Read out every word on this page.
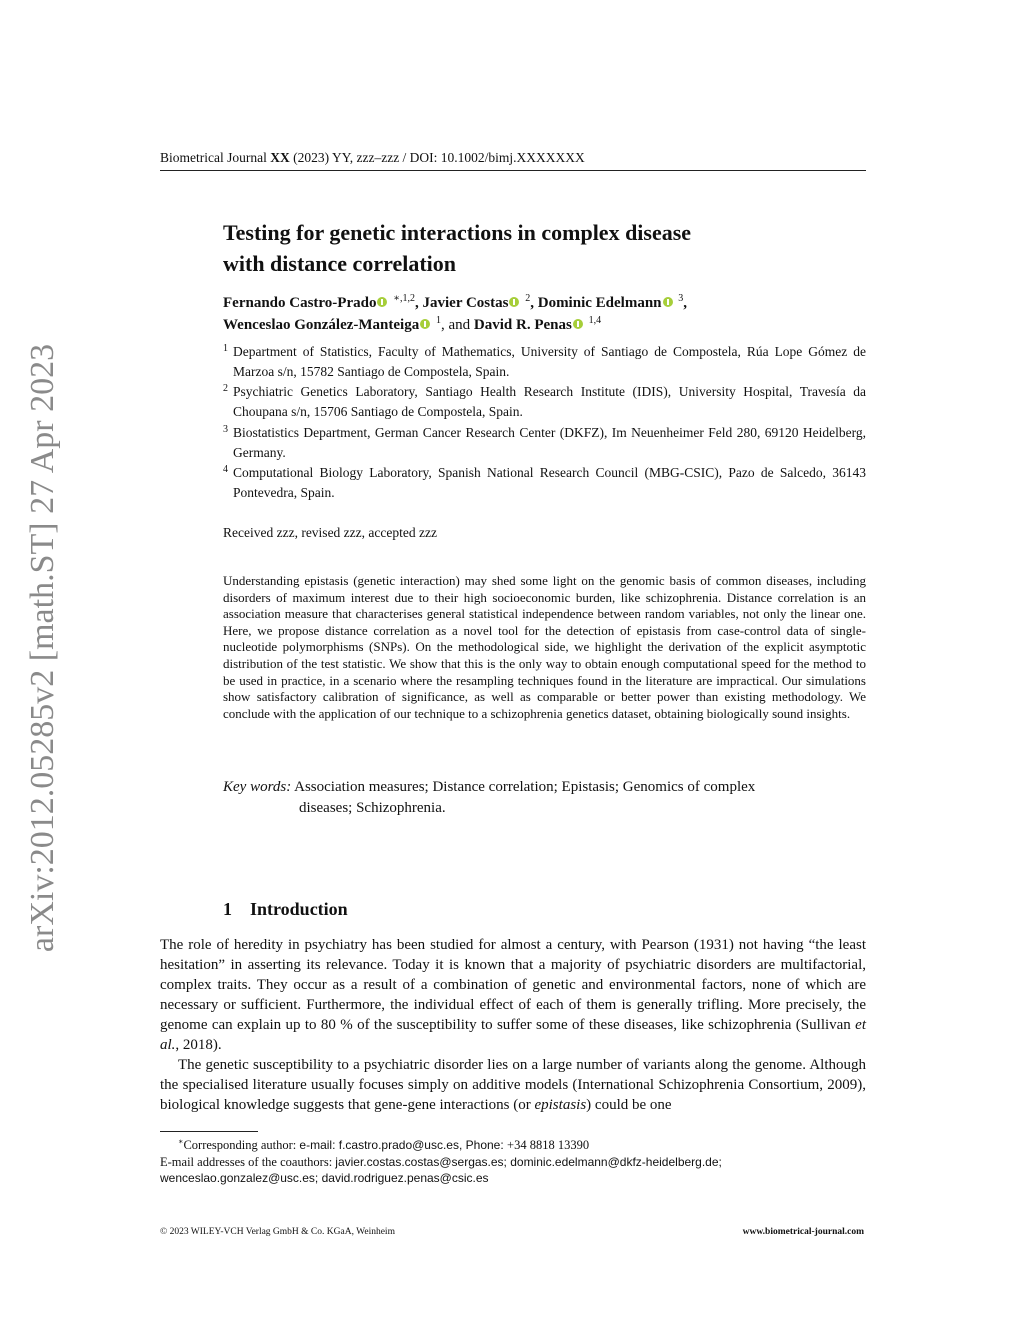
arXiv:2012.05285v2 [math.ST] 27 Apr 2023
Biometrical Journal XX (2023) YY, zzz–zzz / DOI: 10.1002/bimj.XXXXXXX
Testing for genetic interactions in complex disease
with distance correlation
Fernando Castro-Prado $^{∗,1,2}$, Javier Costas $^2$, Dominic Edelmann $^3$,
Wenceslao González-Manteiga $^1$, and David R. Penas $^{1,4}$
1 Department of Statistics, Faculty of Mathematics, University of Santiago de Compostela, Rúa Lope Gómez de Marzoa s/n, 15782 Santiago de Compostela, Spain.
2 Psychiatric Genetics Laboratory, Santiago Health Research Institute (IDIS), University Hospital, Travesía da Choupana s/n, 15706 Santiago de Compostela, Spain.
3 Biostatistics Department, German Cancer Research Center (DKFZ), Im Neuenheimer Feld 280, 69120 Heidelberg, Germany.
4 Computational Biology Laboratory, Spanish National Research Council (MBG-CSIC), Pazo de Salcedo, 36143 Pontevedra, Spain.
Received zzz, revised zzz, accepted zzz
Understanding epistasis (genetic interaction) may shed some light on the genomic basis of common diseases, including disorders of maximum interest due to their high socioeconomic burden, like schizophrenia. Distance correlation is an association measure that characterises general statistical independence between random variables, not only the linear one. Here, we propose distance correlation as a novel tool for the detection of epistasis from case-control data of single-nucleotide polymorphisms (SNPs). On the methodological side, we highlight the derivation of the explicit asymptotic distribution of the test statistic. We show that this is the only way to obtain enough computational speed for the method to be used in practice, in a scenario where the resampling techniques found in the literature are impractical. Our simulations show satisfactory calibration of significance, as well as comparable or better power than existing methodology. We conclude with the application of our technique to a schizophrenia genetics dataset, obtaining biologically sound insights.
Key words: Association measures; Distance correlation; Epistasis; Genomics of complex
diseases; Schizophrenia.
1 Introduction

The role of heredity in psychiatry has been studied for almost a century, with Pearson (1931) not having “the least hesitation” in asserting its relevance. Today it is known that a majority of psychiatric disorders are multifactorial, complex traits. They occur as a result of a combination of genetic and environmental factors, none of which are necessary or sufficient. Furthermore, the individual effect of each of them is generally trifling. More precisely, the genome can explain up to 80 % of the susceptibility to suffer some of these diseases, like schizophrenia (Sullivan et al., 2018).

The genetic susceptibility to a psychiatric disorder lies on a large number of variants along the genome. Although the specialised literature usually focuses simply on additive models (International Schizophrenia Consortium, 2009), biological knowledge suggests that gene-gene interactions (or epistasis) could be one

∗Corresponding author: e-mail: f.castro.prado@usc.es, Phone: +34 8818 13390
E-mail addresses of the coauthors: javier.costas.costas@sergas.es; dominic.edelmann@dkfz-heidelberg.de;
wenceslao.gonzalez@usc.es; david.rodriguez.penas@csic.es
© 2023 WILEY-VCH Verlag GmbH & Co. KGaA, Weinheim	www.biometrical-journal.com
